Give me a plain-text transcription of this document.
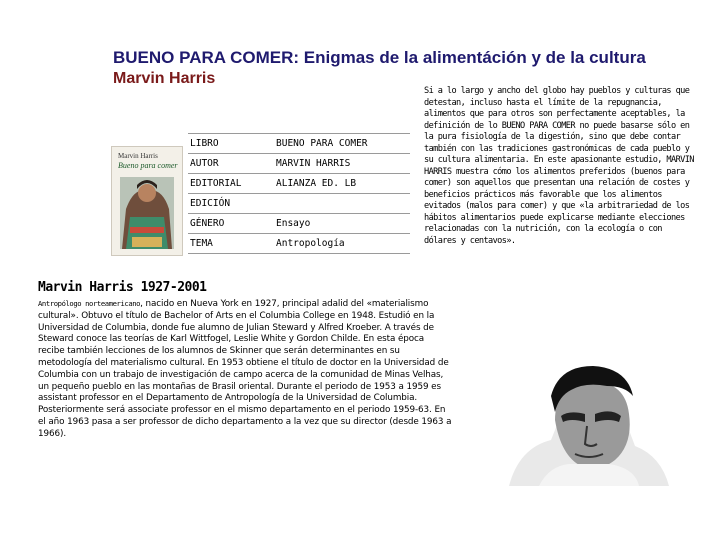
BUENO PARA COMER: Enigmas de la alimentáción y de la cultura
Marvin Harris
Marvin Harris
Bueno para comer
LIBRO	BUENO PARA COMER
AUTOR	MARVIN HARRIS
EDITORIAL	ALIANZA ED. LB
EDICIÓN	
GÉNERO	Ensayo
TEMA	Antropología
Si a lo largo y ancho del globo hay pueblos y culturas que detestan, incluso hasta el límite de la repugnancia, alimentos que para otros son perfectamente aceptables, la definición de lo BUENO PARA COMER no puede basarse sólo en la pura fisiología de la digestión, sino que debe contar también con las tradiciones gastronómicas de cada pueblo y su cultura alimentaria. En este apasionante estudio, MARVIN HARRIS muestra cómo los alimentos preferidos (buenos para comer) son aquellos que presentan una relación de costes y beneficios prácticos más favorable que los alimentos evitados (malos para comer) y que «la arbitrariedad de los hábitos alimentarios puede explicarse mediante elecciones relacionadas con la nutrición, con la ecología o con dólares y centavos».
Marvin Harris 1927-2001
Antropólogo norteamericano, nacido en Nueva York en 1927, principal adalid del «materialismo cultural». Obtuvo el título de Bachelor of Arts en el Columbia College en 1948. Estudió en la Universidad de Columbia, donde fue alumno de Julian Steward y Alfred Kroeber. A través de Steward conoce las teorías de Karl Wittfogel, Leslie White y Gordon Childe. En esta época recibe también lecciones de los alumnos de Skinner que serán determinantes en su metodología del materialismo cultural. En 1953 obtiene el título de doctor en la Universidad de Columbia con un trabajo de investigación de campo acerca de la comunidad de Minas Velhas, un pequeño pueblo en las montañas de Brasil oriental. Durante el periodo de 1953 a 1959 es assistant professor en el Departamento de Antropología de la Universidad de Columbia. Posteriormente será associate professor en el mismo departamento en el periodo 1959-63. En el año 1963 pasa a ser professor de dicho departamento a la vez que su director (desde 1963 a 1966).
